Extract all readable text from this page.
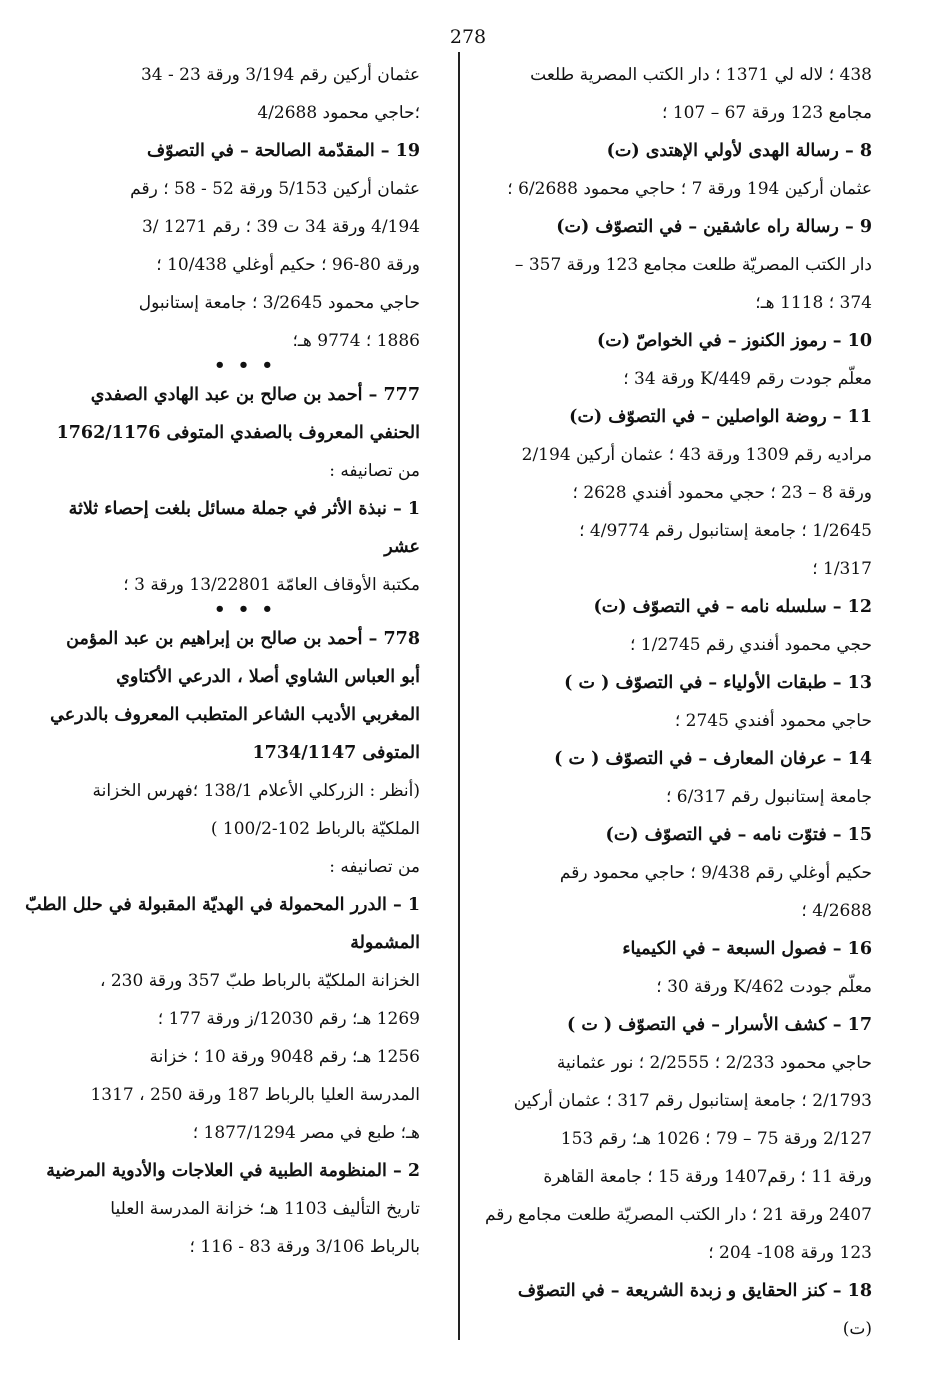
278
438 ؛ لاله لي 1371 ؛ دار الكتب المصرية طلعت
مجامع 123 ورقة 67 – 107 ؛
8 – رسالة الهدى لأولي الإهتدى (ت)
عثمان أركين 194 ورقة 7 ؛ حاجي محمود 6/2688 ؛
9 – رسالة راه عاشقين – في التصوّف (ت)
دار الكتب المصريّة طلعت مجامع 123 ورقة 357 –
374 ؛ 1118 هـ؛
10 – رموز الكنوز – في الخواصّ (ت)
معلّم جودت رقم 449/K ورقة 34 ؛
11 – روضة الواصلين – في التصوّف (ت)
مراديه رقم 1309 ورقة 43 ؛ عثمان أركين 2/194
ورقة 8 – 23 ؛ حجي محمود أفندي 2628 ؛
1/2645 ؛ جامعة إستانبول رقم 4/9774 ؛
1/317 ؛
12 – سلسله نامه – في التصوّف (ت)
حجي محمود أفندي رقم 1/2745 ؛
13 – طبقات الأولياء – في التصوّف ( ت )
حاجي محمود أفندي 2745 ؛
14 – عرفان المعارف – في التصوّف ( ت )
جامعة إستانبول رقم 6/317 ؛
15 – فتوّت نامه – في التصوّف (ت)
حكيم أوغلي رقم 9/438 ؛ حاجي محمود رقم
4/2688 ؛
16 – فصول السبعة – في الكيمياء
معلّم جودت 462/K ورقة 30 ؛
17 – كشف الأسرار – في التصوّف ( ت )
حاجي محمود 2/233 ؛ 2/2555 ؛ نور عثمانية
2/1793 ؛ جامعة إستانبول رقم 317 ؛ عثمان أركين
2/127 ورقة 75 – 79 ؛ 1026 هـ؛ رقم 153
ورقة 11 ؛ رقم1407 ورقة 15 ؛ جامعة القاهرة
2407 ورقة 21 ؛ دار الكتب المصريّة طلعت مجامع رقم
123 ورقة 108- 204 ؛
18 – كنز الحقايق و زبدة الشريعة – في التصوّف
(ت)
عثمان أركين رقم 3/194 ورقة 23 - 34
؛حاجي محمود 4/2688
19 – المقدّمة الصالحة – في التصوّف
عثمان أركين 5/153 ورقة 52 - 58 ؛ رقم
4/194 ورقة 34 ت 39 ؛ رقم 1271 /3
ورقة 80-96 ؛ حكيم أوغلي 10/438 ؛
حاجي محمود 3/2645 ؛ جامعة إستانبول
1886 ؛ 9774 هـ؛
• • •
777 – أحمد بن صالح بن عبد الهادي الصفدي
الحنفي المعروف بالصفدي المتوفى 1762/1176
من تصانيفه :
1 – نبذة الأثر في جملة مسائل بلغت إحصاء ثلاثة
عشر
مكتبة الأوقاف العامّة 13/22801 ورقة 3 ؛
• • •
778 – أحمد بن صالح بن إبراهيم بن عبد المؤمن
أبو العباس الشاوي أصلا ، الدرعي الأكتاوي
المغربي الأديب الشاعر المتطبب المعروف بالدرعي
المتوفى 1734/1147
(أنظر : الزركلي الأعلام 138/1 ؛فهرس الخزانة
الملكيّة بالرباط 102-100/2 )
من تصانيفه :
1 – الدرر المحمولة في الهديّة المقبولة في حلل الطبّ
المشمولة
الخزانة الملكيّة بالرباط طبّ 357 ورقة 230 ،
1269 هـ؛ رقم 12030/ز ورقة 177 ؛
1256 هـ؛ رقم 9048 ورقة 10 ؛ خزانة
المدرسة العليا بالرباط 187 ورقة 250 ، 1317
هـ؛ طبع في مصر 1877/1294 ؛
2 – المنظومة الطبية في العلاجات والأدوية المرضية
تاريخ التأليف 1103 هـ؛ خزانة المدرسة العليا
بالرباط 3/106 ورقة 83 - 116 ؛
